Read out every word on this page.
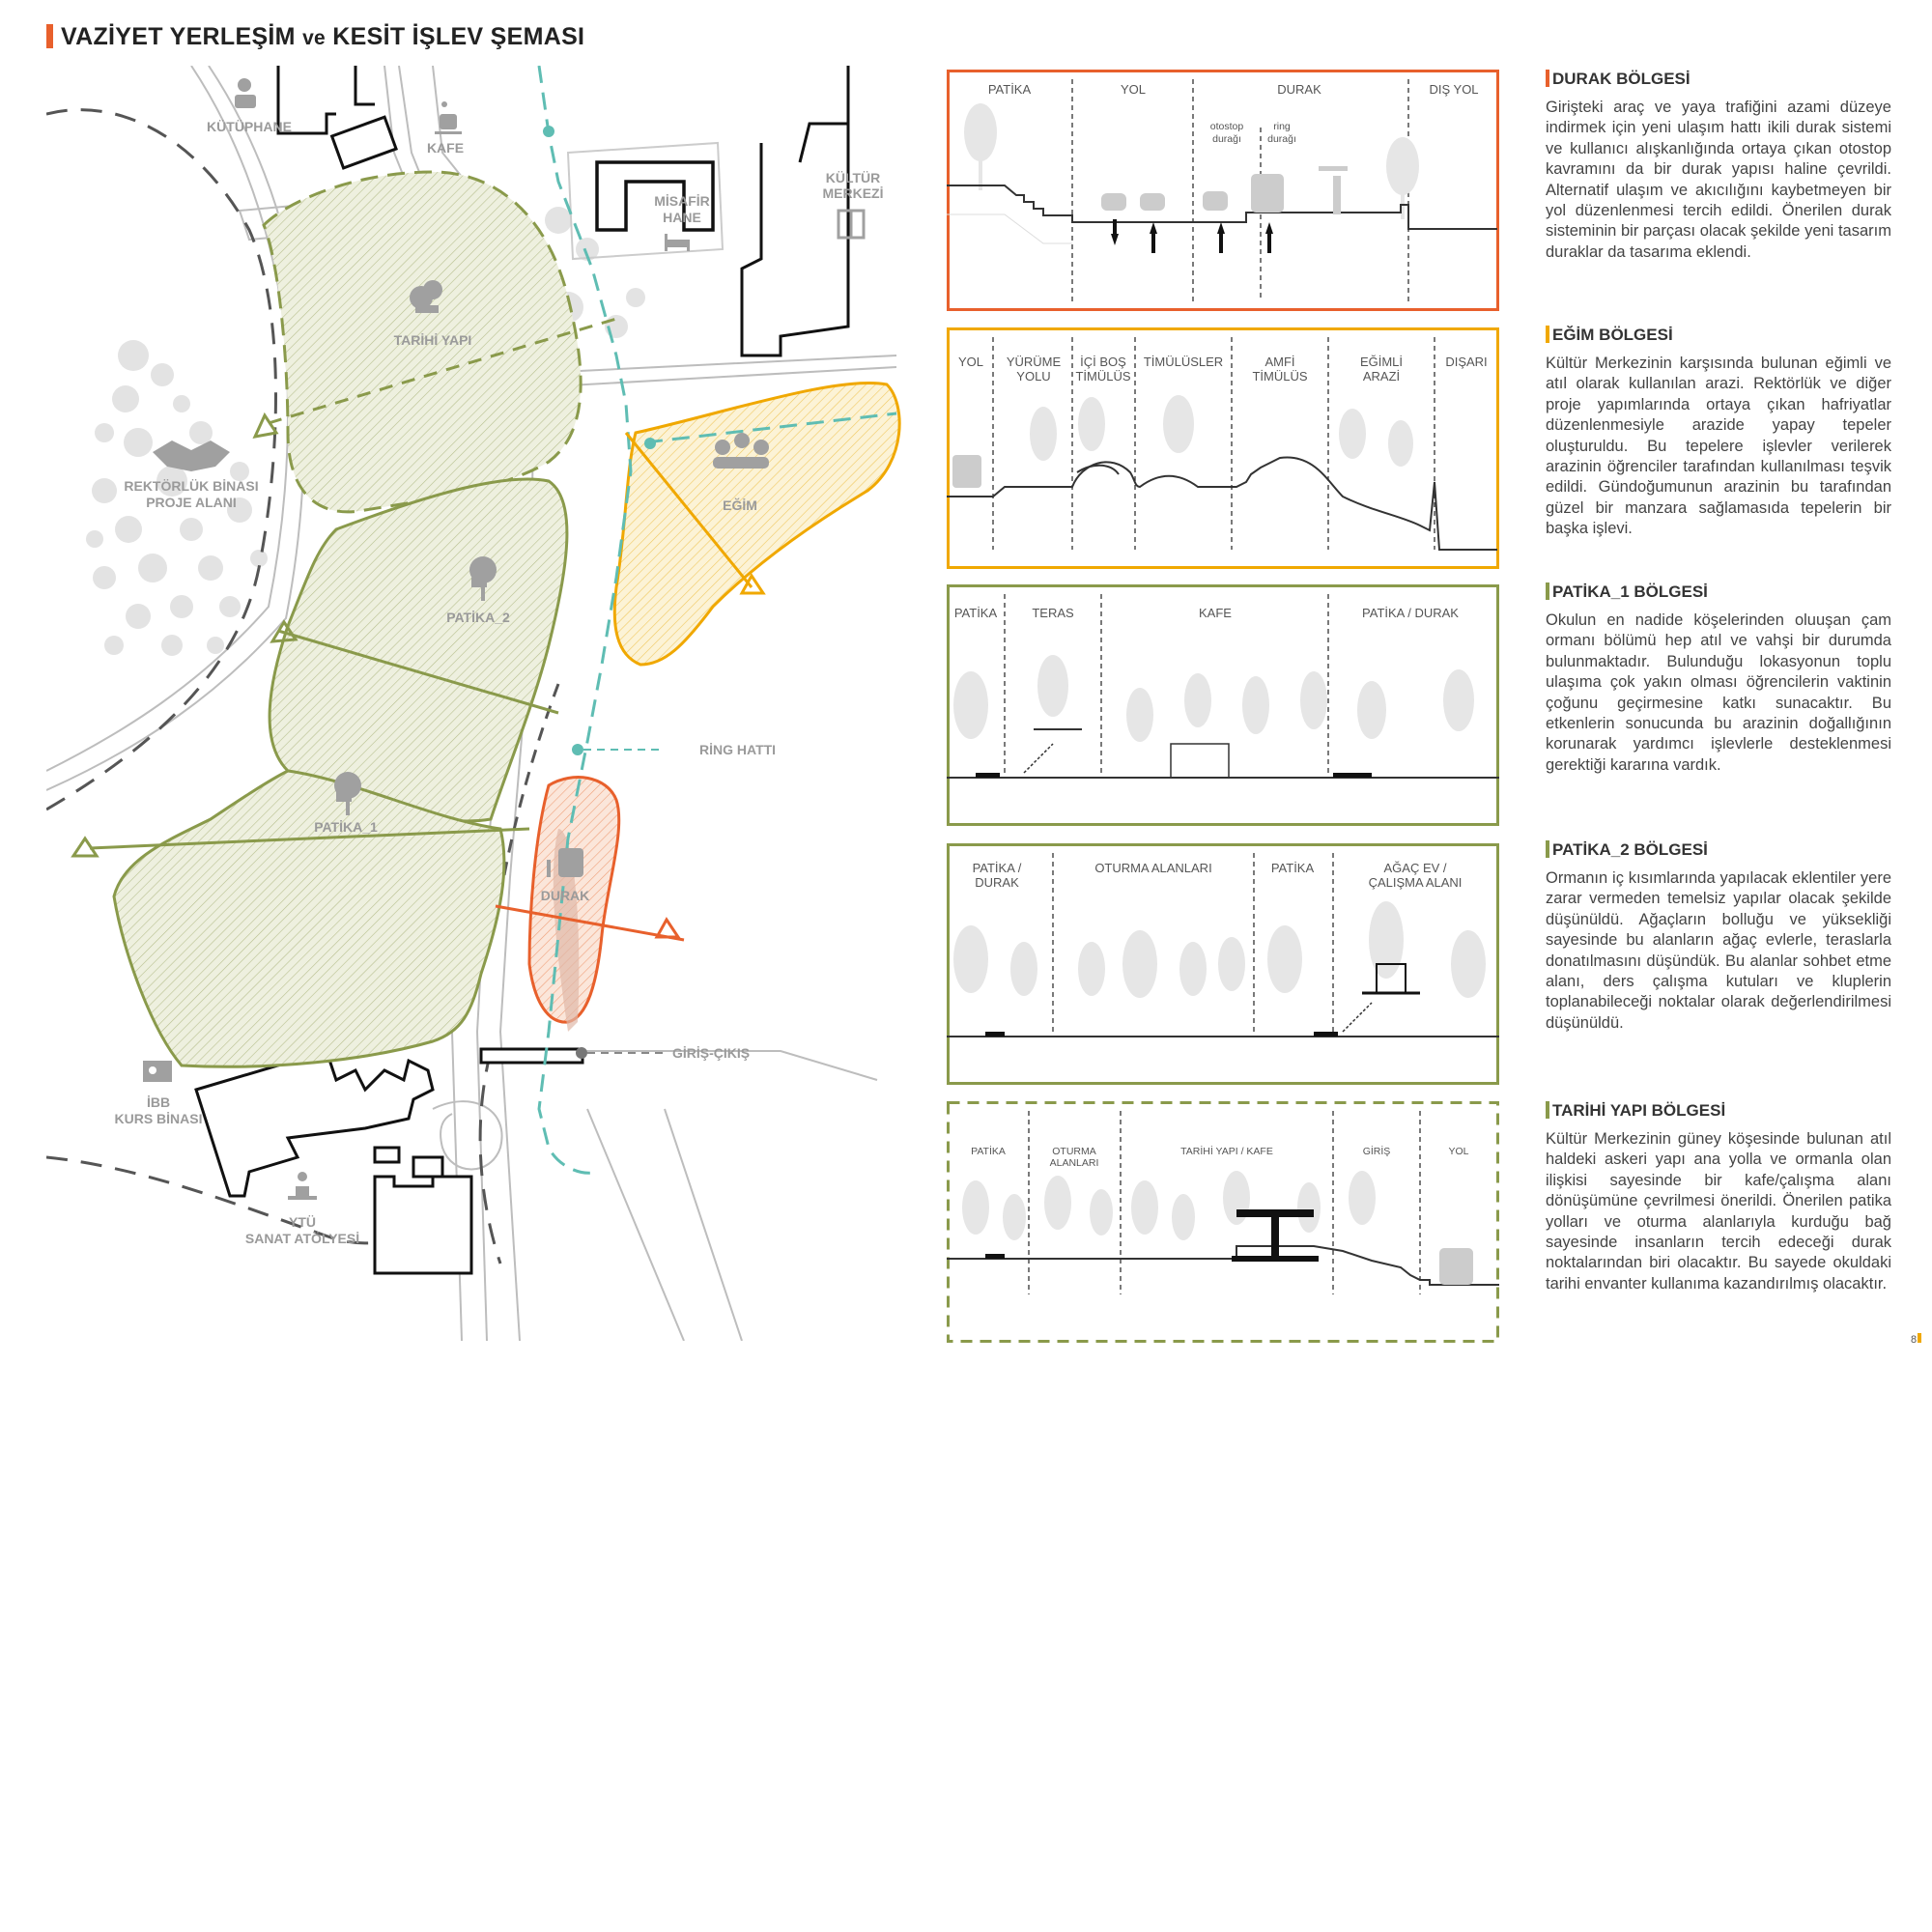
VAZİYET YERLEŞİM ve KESİT İŞLEV ŞEMASI
KÜTÜPHANE
KAFE
MİSAFİR
HANE
KÜLTÜR
MERKEZİ
TARİHİ YAPI
REKTÖRLÜK BİNASI
PROJE ALANI	EĞİM
PATİKA_2
RİNG HATTI
PATİKA_1
DURAK
GİRİŞ-ÇIKIŞ
İBB
KURS BİNASI
YTÜ
SANAT ATÖLYESİ
PATİKA	YOL	DURAK	DIŞ YOL
otostop
durağı
ring
durağı
YOL YÜRÜME
YOLU
İÇİ BOŞ
TİMÜLÜS
TİMÜLÜSLER	AMFİ
TİMÜLÜS
EĞİMLİ
ARAZİ
DIŞARI
PATİKA	TERAS	KAFE	PATİKA / DURAK
PATİKA /
DURAK
OTURMA ALANLARI	PATİKA	AĞAÇ EV /
ÇALIŞMA ALANI
PATİKA	OTURMA
ALANLARI
TARİHİ YAPI / KAFE	GİRİŞ	YOL
DURAK BÖLGESİ

Girişteki araç ve yaya trafiğini azami düzeye indirmek için yeni ulaşım hattı ikili durak sistemi ve kullanıcı alışkanlığında ortaya çıkan otostop kavramını da bir durak yapısı haline çevrildi. Alternatif ulaşım ve akıcılığını kaybetmeyen bir yol düzenlenmesi tercih edildi. Önerilen durak sisteminin bir parçası olacak şekilde yeni tasarım duraklar da tasarıma eklendi.

EĞİM BÖLGESİ

Kültür Merkezinin karşısında bulunan eğimli ve atıl olarak kullanılan arazi. Rektörlük ve diğer proje yapımlarında ortaya çıkan hafriyatlar düzenlenmesiyle arazide yapay tepeler oluşturuldu. Bu tepelere işlevler verilerek arazinin öğrenciler tarafından kullanılması teşvik edildi. Gündoğumunun arazinin bu tarafından güzel bir manzara sağlamasıda tepelerin bir başka işlevi.

PATİKA_1 BÖLGESİ

Okulun en nadide köşelerinden oluuşan çam ormanı bölümü hep atıl ve vahşi bir durumda bulunmaktadır. Bulunduğu lokasyonun toplu ulaşıma çok yakın olması öğrencilerin vaktinin çoğunu geçirmesine katkı sunacaktır. Bu etkenlerin sonucunda bu arazinin doğallığının korunarak yardımcı işlevlerle desteklenmesi gerektiği kararına vardık.

PATİKA_2 BÖLGESİ

Ormanın iç kısımlarında yapılacak eklentiler yere zarar vermeden temelsiz yapılar olacak şekilde düşünüldü. Ağaçların bolluğu ve yüksekliği sayesinde bu alanların ağaç evlerle, teraslarla donatılmasını düşündük. Bu alanlar sohbet etme alanı, ders çalışma kutuları ve kluplerin toplanabileceği noktalar olarak değerlendirilmesi düşünüldü.

TARİHİ YAPI BÖLGESİ

Kültür Merkezinin güney köşesinde bulunan atıl haldeki askeri yapı ana yolla ve ormanla olan ilişkisi sayesinde bir kafe/çalışma alanı dönüşümüne çevrilmesi önerildi. Önerilen patika yolları ve oturma alanlarıyla kurduğu bağ sayesinde insanların tercih edeceği durak noktalarından biri olacaktır. Bu sayede okuldaki tarihi envanter kullanıma kazandırılmış olacaktır.

8
